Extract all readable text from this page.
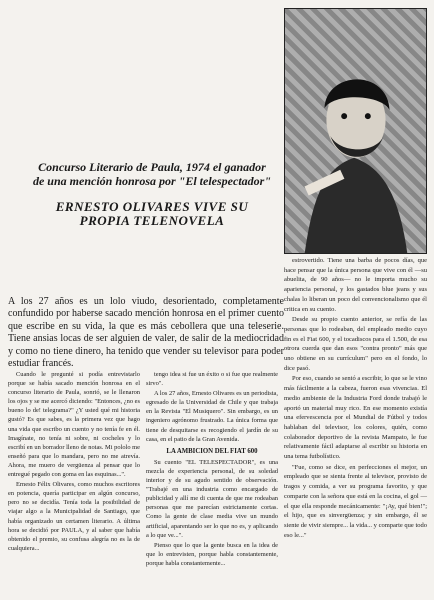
Concurso Literario de Paula, 1974 el ganador de una mención honrosa por "El telespectador"
ERNESTO OLIVARES VIVE SU PROPIA TELENOVELA

estrovertido. Tiene una barba de pocos días, que hace pensar que la única persona que vive con él —su abuelita, de 90 años— no le importa mucho su apariencia personal, y los gastados blue jeans y sus chalas lo liberan un poco del convencionalismo que él critica en su cuento.

Desde su propio cuento anterior, se refía de las personas que lo rodeaban, del empleado medio cuyo fin es el Fiat 600, y el tocadiscos para el 1.500, de esa otrora cuerda que dan esos "contra pronto" más que uno obtiene en su currículum" pero en el fondo, lo dice pasó.

Por eso, cuando se sentó a escribir, lo que se le vino más fácilmente a la cabeza, fueron esas vivencias. El medio ambiente de la Industria Ford donde trabajó le aportó un material muy rico. En ese momento existía una efervescencia por el Mundial de Fútbol y todos hablaban del televisor, los colores, quién, como colaborador deportivo de la revista Mampato, le fue relativamente fácil adaptarse al escribir su historia en una tema futbolístico.

"Fue, como se dice, en perfecciones el mejor, un empleado que se sienta frente al televisor, provisto de tragos y comida, a ver su programa favorito, y que comparte con la señora que está en la cocina, el gol —el que ella responde mecánicamente: "¡Ay, qué bien!"; el hijo, que es sinvergüenza; y sin embargo, él se siente de vivir siempre... la vida... y comparte que todo eso le..."

A los 27 años es un lolo viudo, desorientado, completamente confundido por haberse sacado mención honrosa en el primer cuento que escribe en su vida, la que es más cebollera que una teleserie. Tiene ansias locas de ser alguien de valer, de salir de la mediocridad y como no tiene dinero, ha tenido que vender su televisor para poder estudiar francés.

Cuando le pregunté si podía entrevistarlo porque se había sacado mención honrosa en el concurso literario de Paula, sonrió, se le llenaron los ojos y se me acercó diciendo: "Entonces, ¿no es bueno lo de! telegrama?" ¿Y usted qué mi historia gustó? Es que sabes, es la primera vez que hago una vida que escribo un cuento y no tenía fe en él. Imagínate, no tenía ni sobre, ni cocheles y lo escribí en un borrador lleno de notas. Mi pololo me enseñó para que lo mandara, pero no me atrevía. Ahora, me muero de vergüenza al pensar que lo entregué pegado con goma en las esquinas...".

Ernesto Félix Olivares, como muchos escritores en potencia, quería participar en algún concurso, pero no se decidía. Tenía toda la posibilidad de viajar algo a la Municipalidad de Santiago, que había organizado un certamen literario. A última hora se decidió por PAULA, y al saber que había obtenido el premio, su confusa alegría no es la de cualquiera...

tengo idea si fue un éxito o si fue que realmente sirvo".

A los 27 años, Ernesto Olivares es un periodista, egresado de la Universidad de Chile y que trabaja en la Revista "El Musiquero". Sin embargo, es un ingeniero agrónomo frustrado. La única forma que tiene de desquitarse es recogiendo el jardín de su casa, en el patio de la Gran Avenida.

LA AMBICION DEL FIAT 600

Su cuento "EL TELESPECTADOR", es una mezcla de experiencia personal, de su soledad interior y de su agudo sentido de observación. "Trabajé en una industria como encargado de publicidad y allí me di cuenta de que me rodeaban personas que me parecían estrictamente cortas. Como la gente de clase media vive un mundo artificial, aparentando ser lo que no es, y aplicando a lo que ve...".

Pienso que lo que la gente busca en la idea de que lo entrevisten, porque habla constantemente, porque habla constantemente...
